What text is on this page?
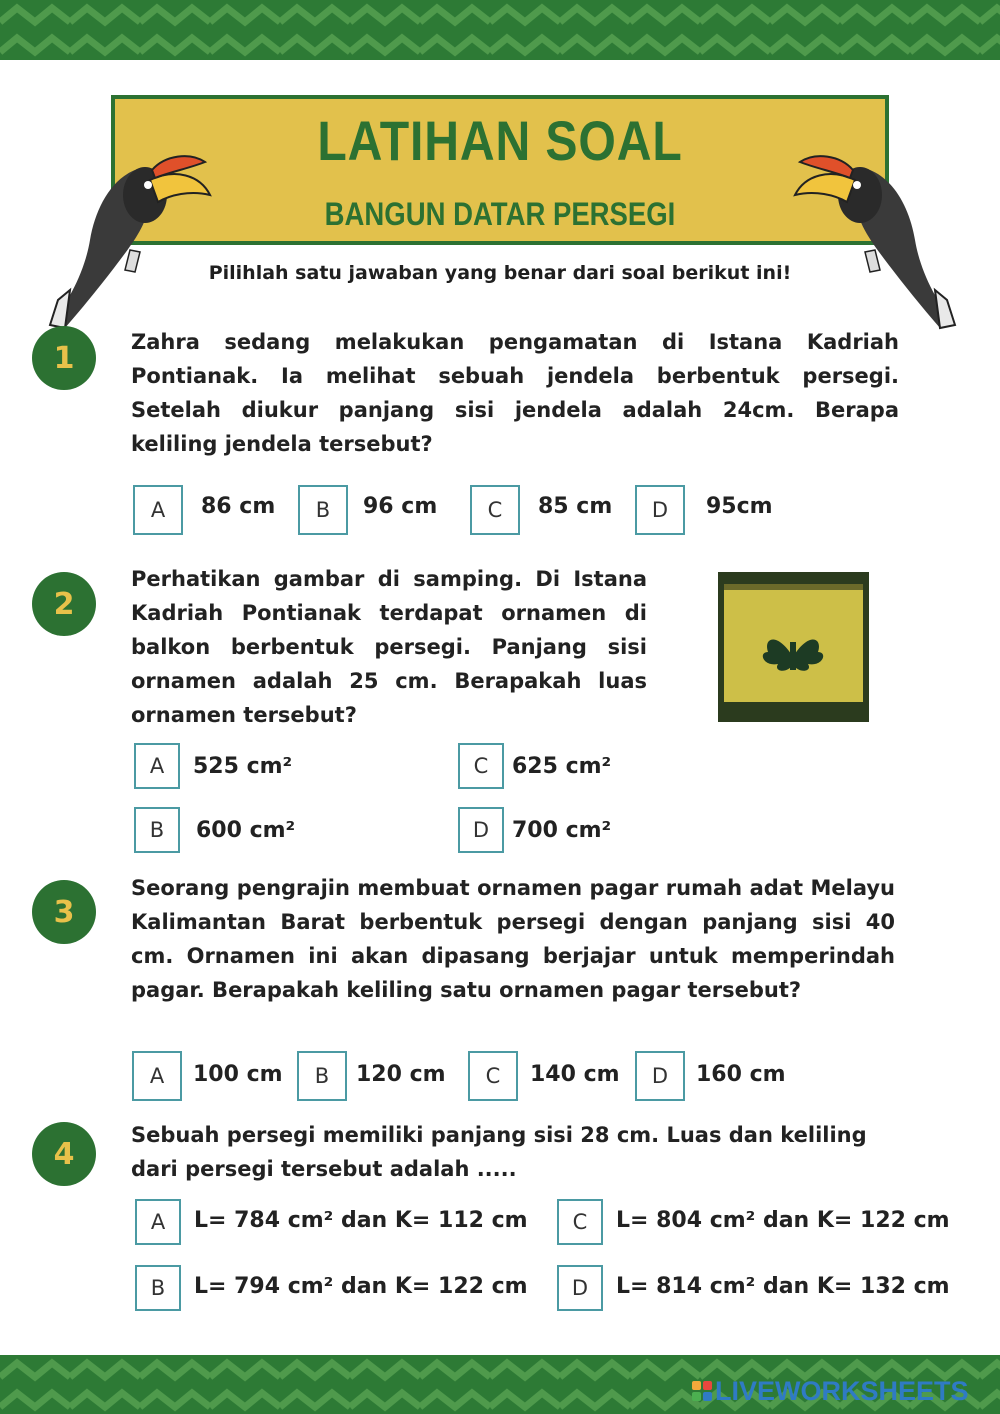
LATIHAN SOAL
BANGUN DATAR PERSEGI
Pilihlah satu jawaban yang benar dari soal berikut ini!
1	Zahra sedang melakukan pengamatan di Istana Kadriah Pontianak. Ia melihat sebuah jendela berbentuk persegi. Setelah diukur panjang sisi jendela adalah 24cm. Berapa keliling jendela tersebut?
A	86 cm	B	96 cm	C	85 cm	D	95cm
2
Perhatikan gambar di samping. Di Istana Kadriah Pontianak terdapat ornamen di balkon berbentuk persegi. Panjang sisi ornamen adalah 25 cm. Berapakah luas ornamen tersebut?
A	525 cm²
B	600 cm²
C	625 cm²
D	700 cm²
3
Seorang pengrajin membuat ornamen pagar rumah adat Melayu Kalimantan Barat berbentuk persegi dengan panjang sisi 40 cm. Ornamen ini akan dipasang berjajar untuk memperindah pagar. Berapakah keliling satu ornamen pagar tersebut?
A	100 cm	B	120 cm	C	140 cm	D	160 cm
4
Sebuah persegi memiliki panjang sisi 28 cm. Luas dan keliling dari persegi tersebut adalah .....
A	L= 784 cm² dan K= 112 cm
B	L= 794 cm² dan K= 122 cm
C	L= 804 cm² dan K= 122 cm
D	L= 814 cm² dan K= 132 cm
LIVEWORKSHEETS
